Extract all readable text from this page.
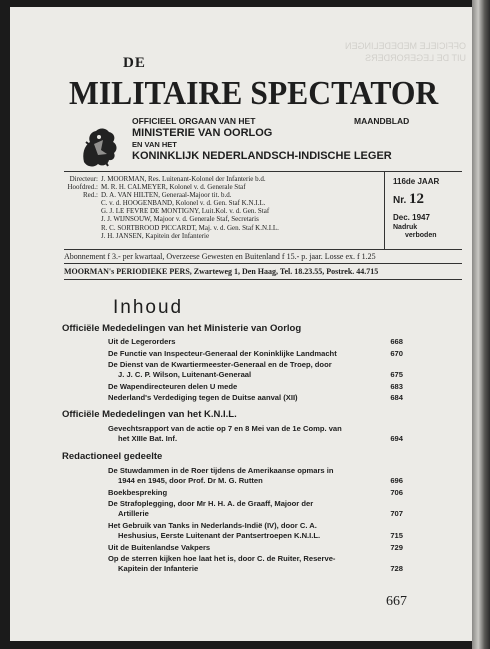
OFFICIELE MEDEDELINGEN UIT DE LEGERORDERS
DE
MILITAIRE SPECTATOR
OFFICIEEL ORGAAN VAN HET	MAANDBLAD
MINISTERIE VAN OORLOG
EN VAN HET
KONINKLIJK NEDERLANDSCH-INDISCHE LEGER
Directeur: J. MOORMAN, Res. Luitenant-Kolonel der Infanterie b.d.
Hoofdred.: M. R. H. CALMEYER, Kolonel v. d. Generale Staf
Red.: D. A. VAN HILTEN, Generaal-Majoor tit. b.d.
C. v. d. HOOGENBAND, Kolonel v. d. Gen. Staf K.N.I.L.
G. J. LE FEVRE DE MONTIGNY, Luit.Kol. v. d. Gen. Staf
J. J. WIJNSOUW, Majoor v. d. Generale Staf, Secretaris
R. C. SORTBROOD PICCARDT, Maj. v. d. Gen. Staf K.N.I.L.
J. H. JANSEN, Kapitein der Infanterie
116de JAAR
Nr. 12
Dec. 1947
Nadruk
verboden
Abonnement f 3.- per kwartaal, Overzeese Gewesten en Buitenland f 15.- p. jaar. Losse ex. f 1.25
MOORMAN's PERIODIEKE PERS, Zwarteweg 1, Den Haag, Tel. 18.23.55, Postrek. 44.715
Inhoud
Officiële Mededelingen van het Ministerie van Oorlog
Uit de Legerorders	668
De Functie van Inspecteur-Generaal der Koninklijke Landmacht	670
De Dienst van de Kwartiermeester-Generaal en de Troep, door
J. J. C. P. Wilson, Luitenant-Generaal	675
De Wapendirecteuren delen U mede	683
Nederland's Verdediging tegen de Duitse aanval (XII)	684
Officiële Mededelingen van het K.N.I.L.
Gevechtsrapport van de actie op 7 en 8 Mei van de 1e Comp. van
het XIIIe Bat. Inf.	694
Redactioneel gedeelte
De Stuwdammen in de Roer tijdens de Amerikaanse opmars in
1944 en 1945, door Prof. Dr M. G. Rutten	696
Boekbespreking	706
De Strafoplegging, door Mr H. H. A. de Graaff, Majoor der
Artillerie	707
Het Gebruik van Tanks in Nederlands-Indië (IV), door C. A.
Heshusius, Eerste Luitenant der Pantsertroepen K.N.I.L.	715
Uit de Buitenlandse Vakpers	729
Op de sterren kijken hoe laat het is, door C. de Ruiter, Reserve-
Kapitein der Infanterie	728
667
